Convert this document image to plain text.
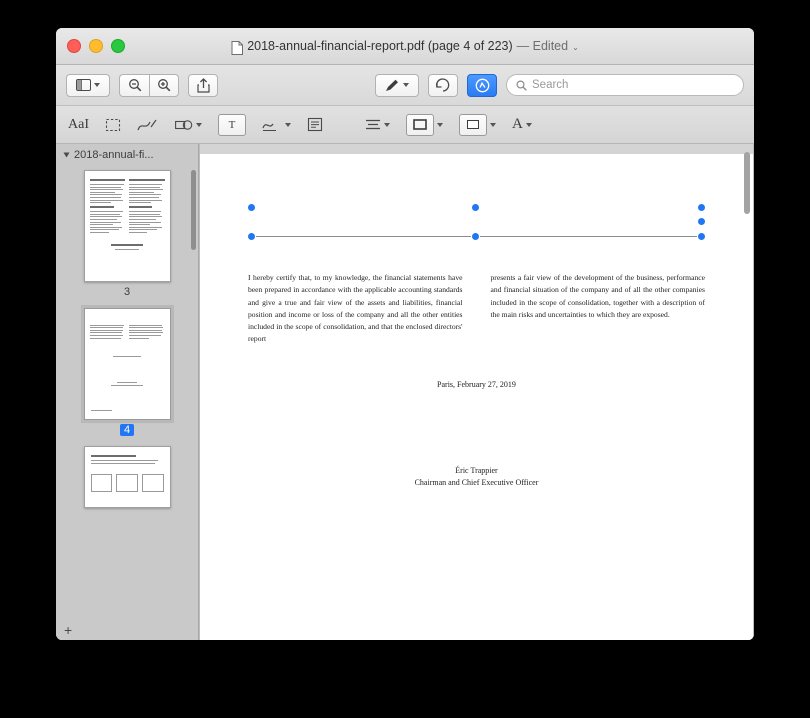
2018-annual-financial-report.pdf (page 4 of 223) — Edited ⌄
Search
AaI	T	A
2018-annual-fi...
3
4
+
I hereby certify that, to my knowledge, the financial statements have been prepared in accordance with the applicable accounting standards and give a true and fair view of the assets and liabilities, financial position and income or loss of the company and all the other entities included in the scope of consolidation, and that the enclosed directors' report
presents a fair view of the development of the business, performance and financial situation of the company and of all the other companies included in the scope of consolidation, together with a description of the main risks and uncertainties to which they are exposed.
Paris, February 27, 2019
Éric Trappier
Chairman and Chief Executive Officer
